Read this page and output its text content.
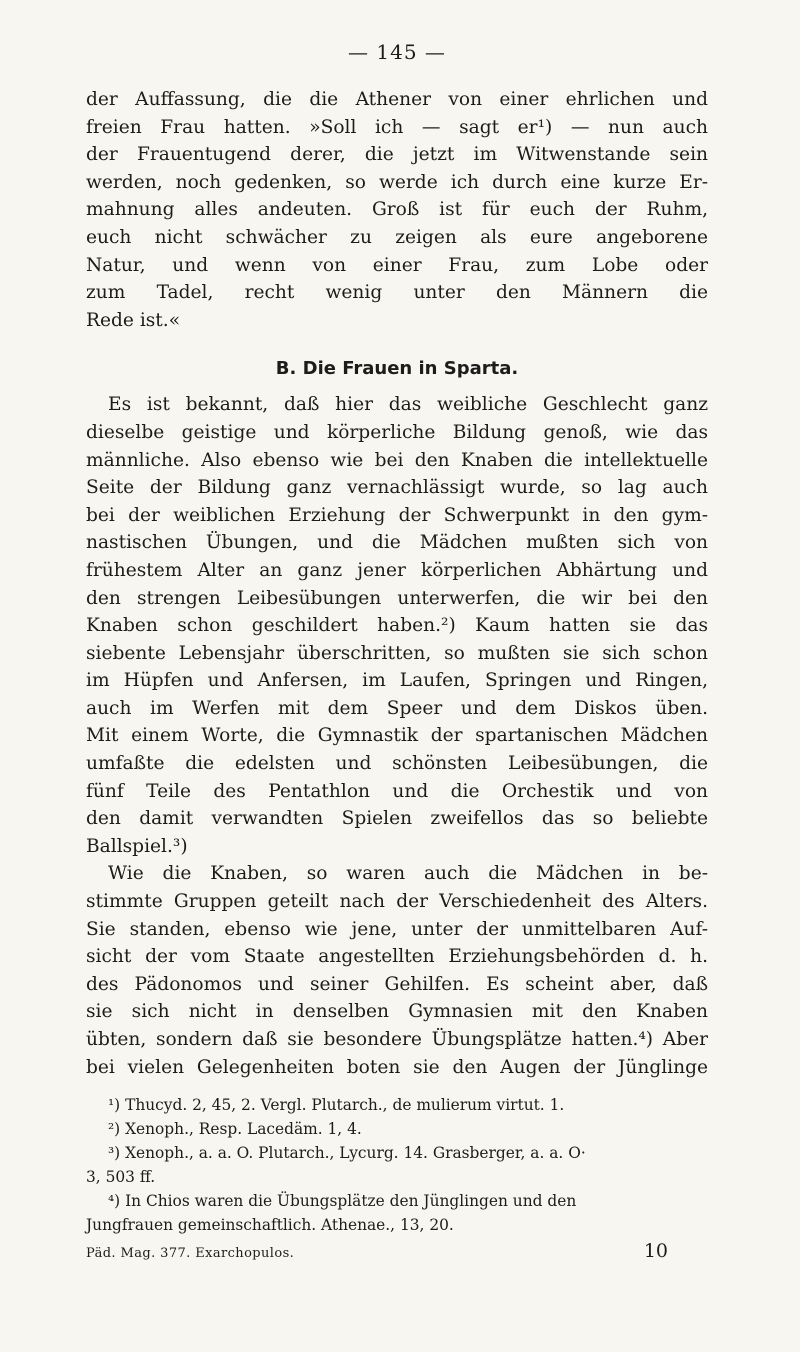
— 145 —

der Auffassung, die die Athener von einer ehrlichen und
freien Frau hatten. »Soll ich — sagt er¹) — nun auch
der Frauentugend derer, die jetzt im Witwenstande sein
werden, noch gedenken, so werde ich durch eine kurze Er-
mahnung alles andeuten. Groß ist für euch der Ruhm,
euch nicht schwächer zu zeigen als eure angeborene
Natur, und wenn von einer Frau, zum Lobe oder
zum Tadel, recht wenig unter den Männern die
Rede ist.«

B. Die Frauen in Sparta.

Es ist bekannt, daß hier das weibliche Geschlecht ganz
dieselbe geistige und körperliche Bildung genoß, wie das
männliche. Also ebenso wie bei den Knaben die intellektuelle
Seite der Bildung ganz vernachlässigt wurde, so lag auch
bei der weiblichen Erziehung der Schwerpunkt in den gym-
nastischen Übungen, und die Mädchen mußten sich von
frühestem Alter an ganz jener körperlichen Abhärtung und
den strengen Leibesübungen unterwerfen, die wir bei den
Knaben schon geschildert haben.²) Kaum hatten sie das
siebente Lebensjahr überschritten, so mußten sie sich schon
im Hüpfen und Anfersen, im Laufen, Springen und Ringen,
auch im Werfen mit dem Speer und dem Diskos üben.
Mit einem Worte, die Gymnastik der spartanischen Mädchen
umfaßte die edelsten und schönsten Leibesübungen, die
fünf Teile des Pentathlon und die Orchestik und von
den damit verwandten Spielen zweifellos das so beliebte
Ballspiel.³)

Wie die Knaben, so waren auch die Mädchen in be-
stimmte Gruppen geteilt nach der Verschiedenheit des Alters.
Sie standen, ebenso wie jene, unter der unmittelbaren Auf-
sicht der vom Staate angestellten Erziehungsbehörden d. h.
des Pädonomos und seiner Gehilfen. Es scheint aber, daß
sie sich nicht in denselben Gymnasien mit den Knaben
übten, sondern daß sie besondere Übungsplätze hatten.⁴) Aber
bei vielen Gelegenheiten boten sie den Augen der Jünglinge

¹) Thucyd. 2, 45, 2. Vergl. Plutarch., de mulierum virtut. 1.
²) Xenoph., Resp. Lacedäm. 1, 4.
³) Xenoph., a. a. O. Plutarch., Lycurg. 14. Grasberger, a. a. O·
3, 503 ff.
⁴) In Chios waren die Übungsplätze den Jünglingen und den
Jungfrauen gemeinschaftlich. Athenae., 13, 20.
Päd. Mag. 377. Exarchopulos.	10
